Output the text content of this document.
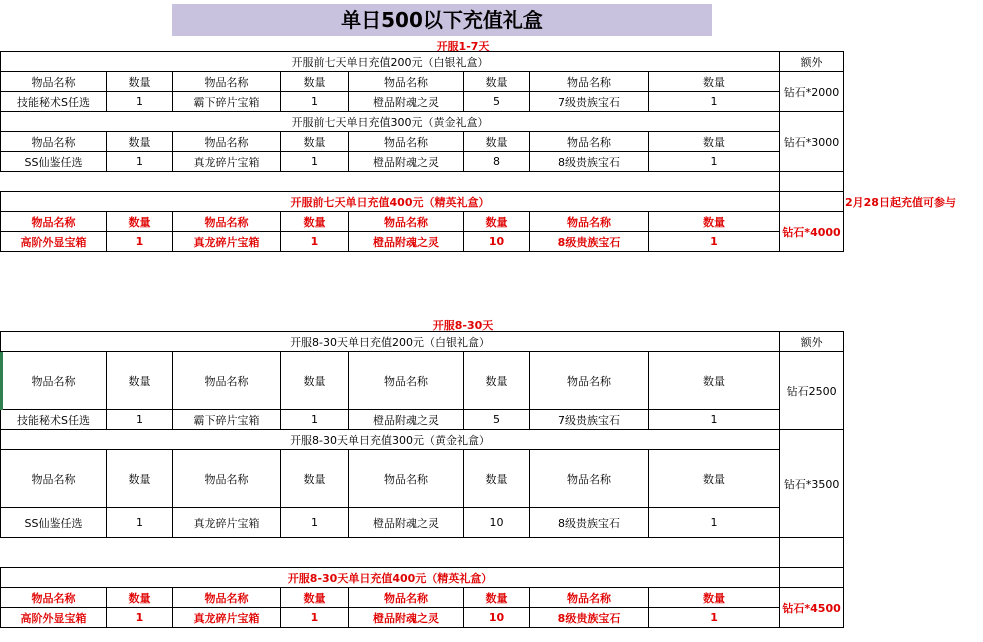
单日500以下充值礼盒
开服1-7天
开服前七天单日充值200元（白银礼盒）								额外
物品名称	数量	物品名称	数量	物品名称	数量	物品名称	数量	钻石*2000
技能秘术S任选	1	霸下碎片宝箱	1	橙品附魂之灵	5	7级贵族宝石	1	
开服前七天单日充值300元（黄金礼盒）								钻石*3000
物品名称	数量	物品名称	数量	物品名称	数量	物品名称	数量	
SS仙鉴任选	1	真龙碎片宝箱	1	橙品附魂之灵	8	8级贵族宝石	1	

开服前七天单日充值400元（精英礼盒）								
物品名称	数量	物品名称	数量	物品名称	数量	物品名称	数量	钻石*4000
高阶外显宝箱	1	真龙碎片宝箱	1	橙品附魂之灵	10	8级贵族宝石	1	
2月28日起充值可参与
开服8-30天
开服8-30天单日充值200元（白银礼盒）								额外
物品名称	数量	物品名称	数量	物品名称	数量	物品名称	数量	钻石2500
技能秘术S任选	1	霸下碎片宝箱	1	橙品附魂之灵	5	7级贵族宝石	1	
开服8-30天单日充值300元（黄金礼盒）								钻石*3500
物品名称	数量	物品名称	数量	物品名称	数量	物品名称	数量	
SS仙鉴任选	1	真龙碎片宝箱	1	橙品附魂之灵	10	8级贵族宝石	1	

开服8-30天单日充值400元（精英礼盒）								
物品名称	数量	物品名称	数量	物品名称	数量	物品名称	数量	钻石*4500
高阶外显宝箱	1	真龙碎片宝箱	1	橙品附魂之灵	10	8级贵族宝石	1	
